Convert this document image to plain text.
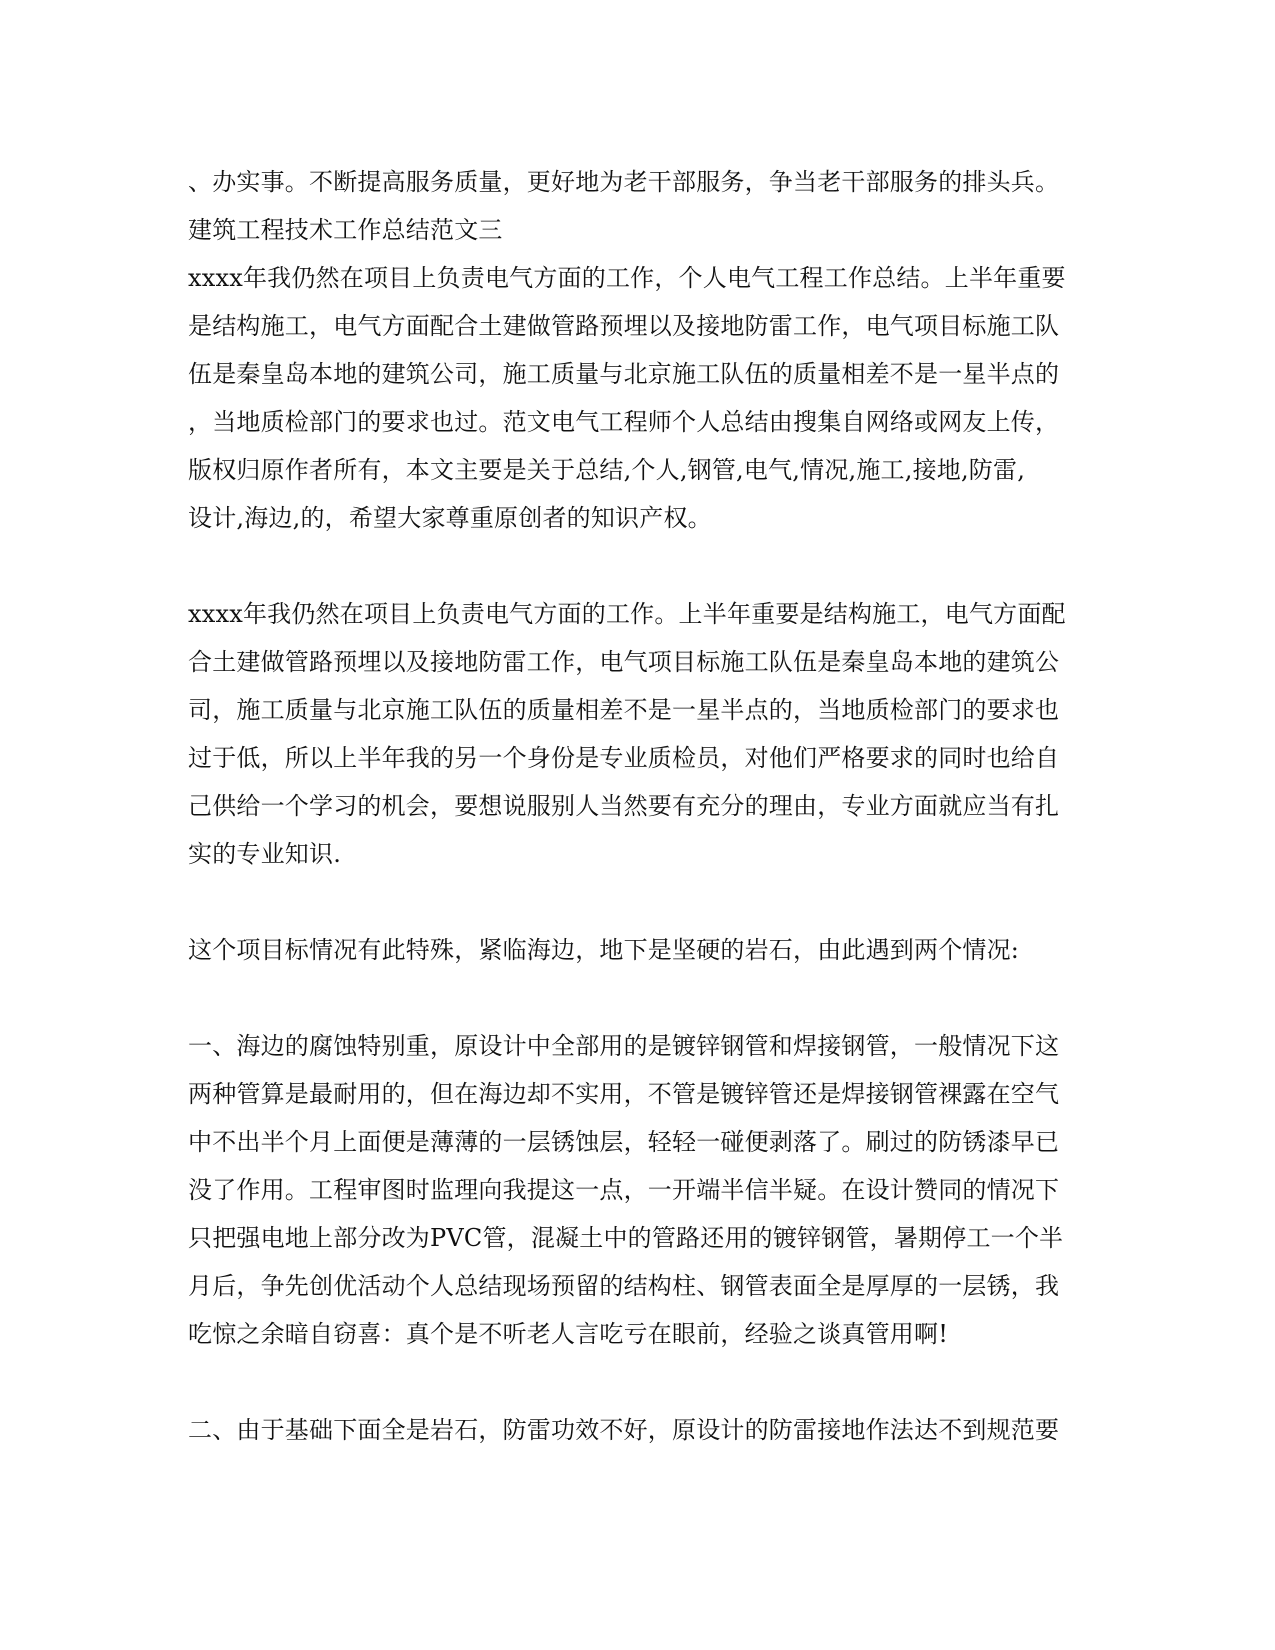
、办实事。不断提高服务质量，更好地为老干部服务，争当老干部服务的排头兵。
建筑工程技术工作总结范文三
xxxx年我仍然在项目上负责电气方面的工作，个人电气工程工作总结。上半年重要
是结构施工，电气方面配合土建做管路预埋以及接地防雷工作，电气项目标施工队
伍是秦皇岛本地的建筑公司，施工质量与北京施工队伍的质量相差不是一星半点的
，当地质检部门的要求也过。范文电气工程师个人总结由搜集自网络或网友上传，
版权归原作者所有，本文主要是关于总结,个人,钢管,电气,情况,施工,接地,防雷,
设计,海边,的，希望大家尊重原创者的知识产权。
xxxx年我仍然在项目上负责电气方面的工作。上半年重要是结构施工，电气方面配
合土建做管路预埋以及接地防雷工作，电气项目标施工队伍是秦皇岛本地的建筑公
司，施工质量与北京施工队伍的质量相差不是一星半点的，当地质检部门的要求也
过于低，所以上半年我的另一个身份是专业质检员，对他们严格要求的同时也给自
己供给一个学习的机会，要想说服别人当然要有充分的理由，专业方面就应当有扎
实的专业知识.
这个项目标情况有此特殊，紧临海边，地下是坚硬的岩石，由此遇到两个情况:
一、海边的腐蚀特别重，原设计中全部用的是镀锌钢管和焊接钢管，一般情况下这
两种管算是最耐用的，但在海边却不实用，不管是镀锌管还是焊接钢管裸露在空气
中不出半个月上面便是薄薄的一层锈蚀层，轻轻一碰便剥落了。刷过的防锈漆早已
没了作用。工程审图时监理向我提这一点，一开端半信半疑。在设计赞同的情况下
只把强电地上部分改为PVC管，混凝土中的管路还用的镀锌钢管，暑期停工一个半
月后，争先创优活动个人总结现场预留的结构柱、钢管表面全是厚厚的一层锈，我
吃惊之余暗自窃喜：真个是不听老人言吃亏在眼前，经验之谈真管用啊!
二、由于基础下面全是岩石，防雷功效不好，原设计的防雷接地作法达不到规范要
